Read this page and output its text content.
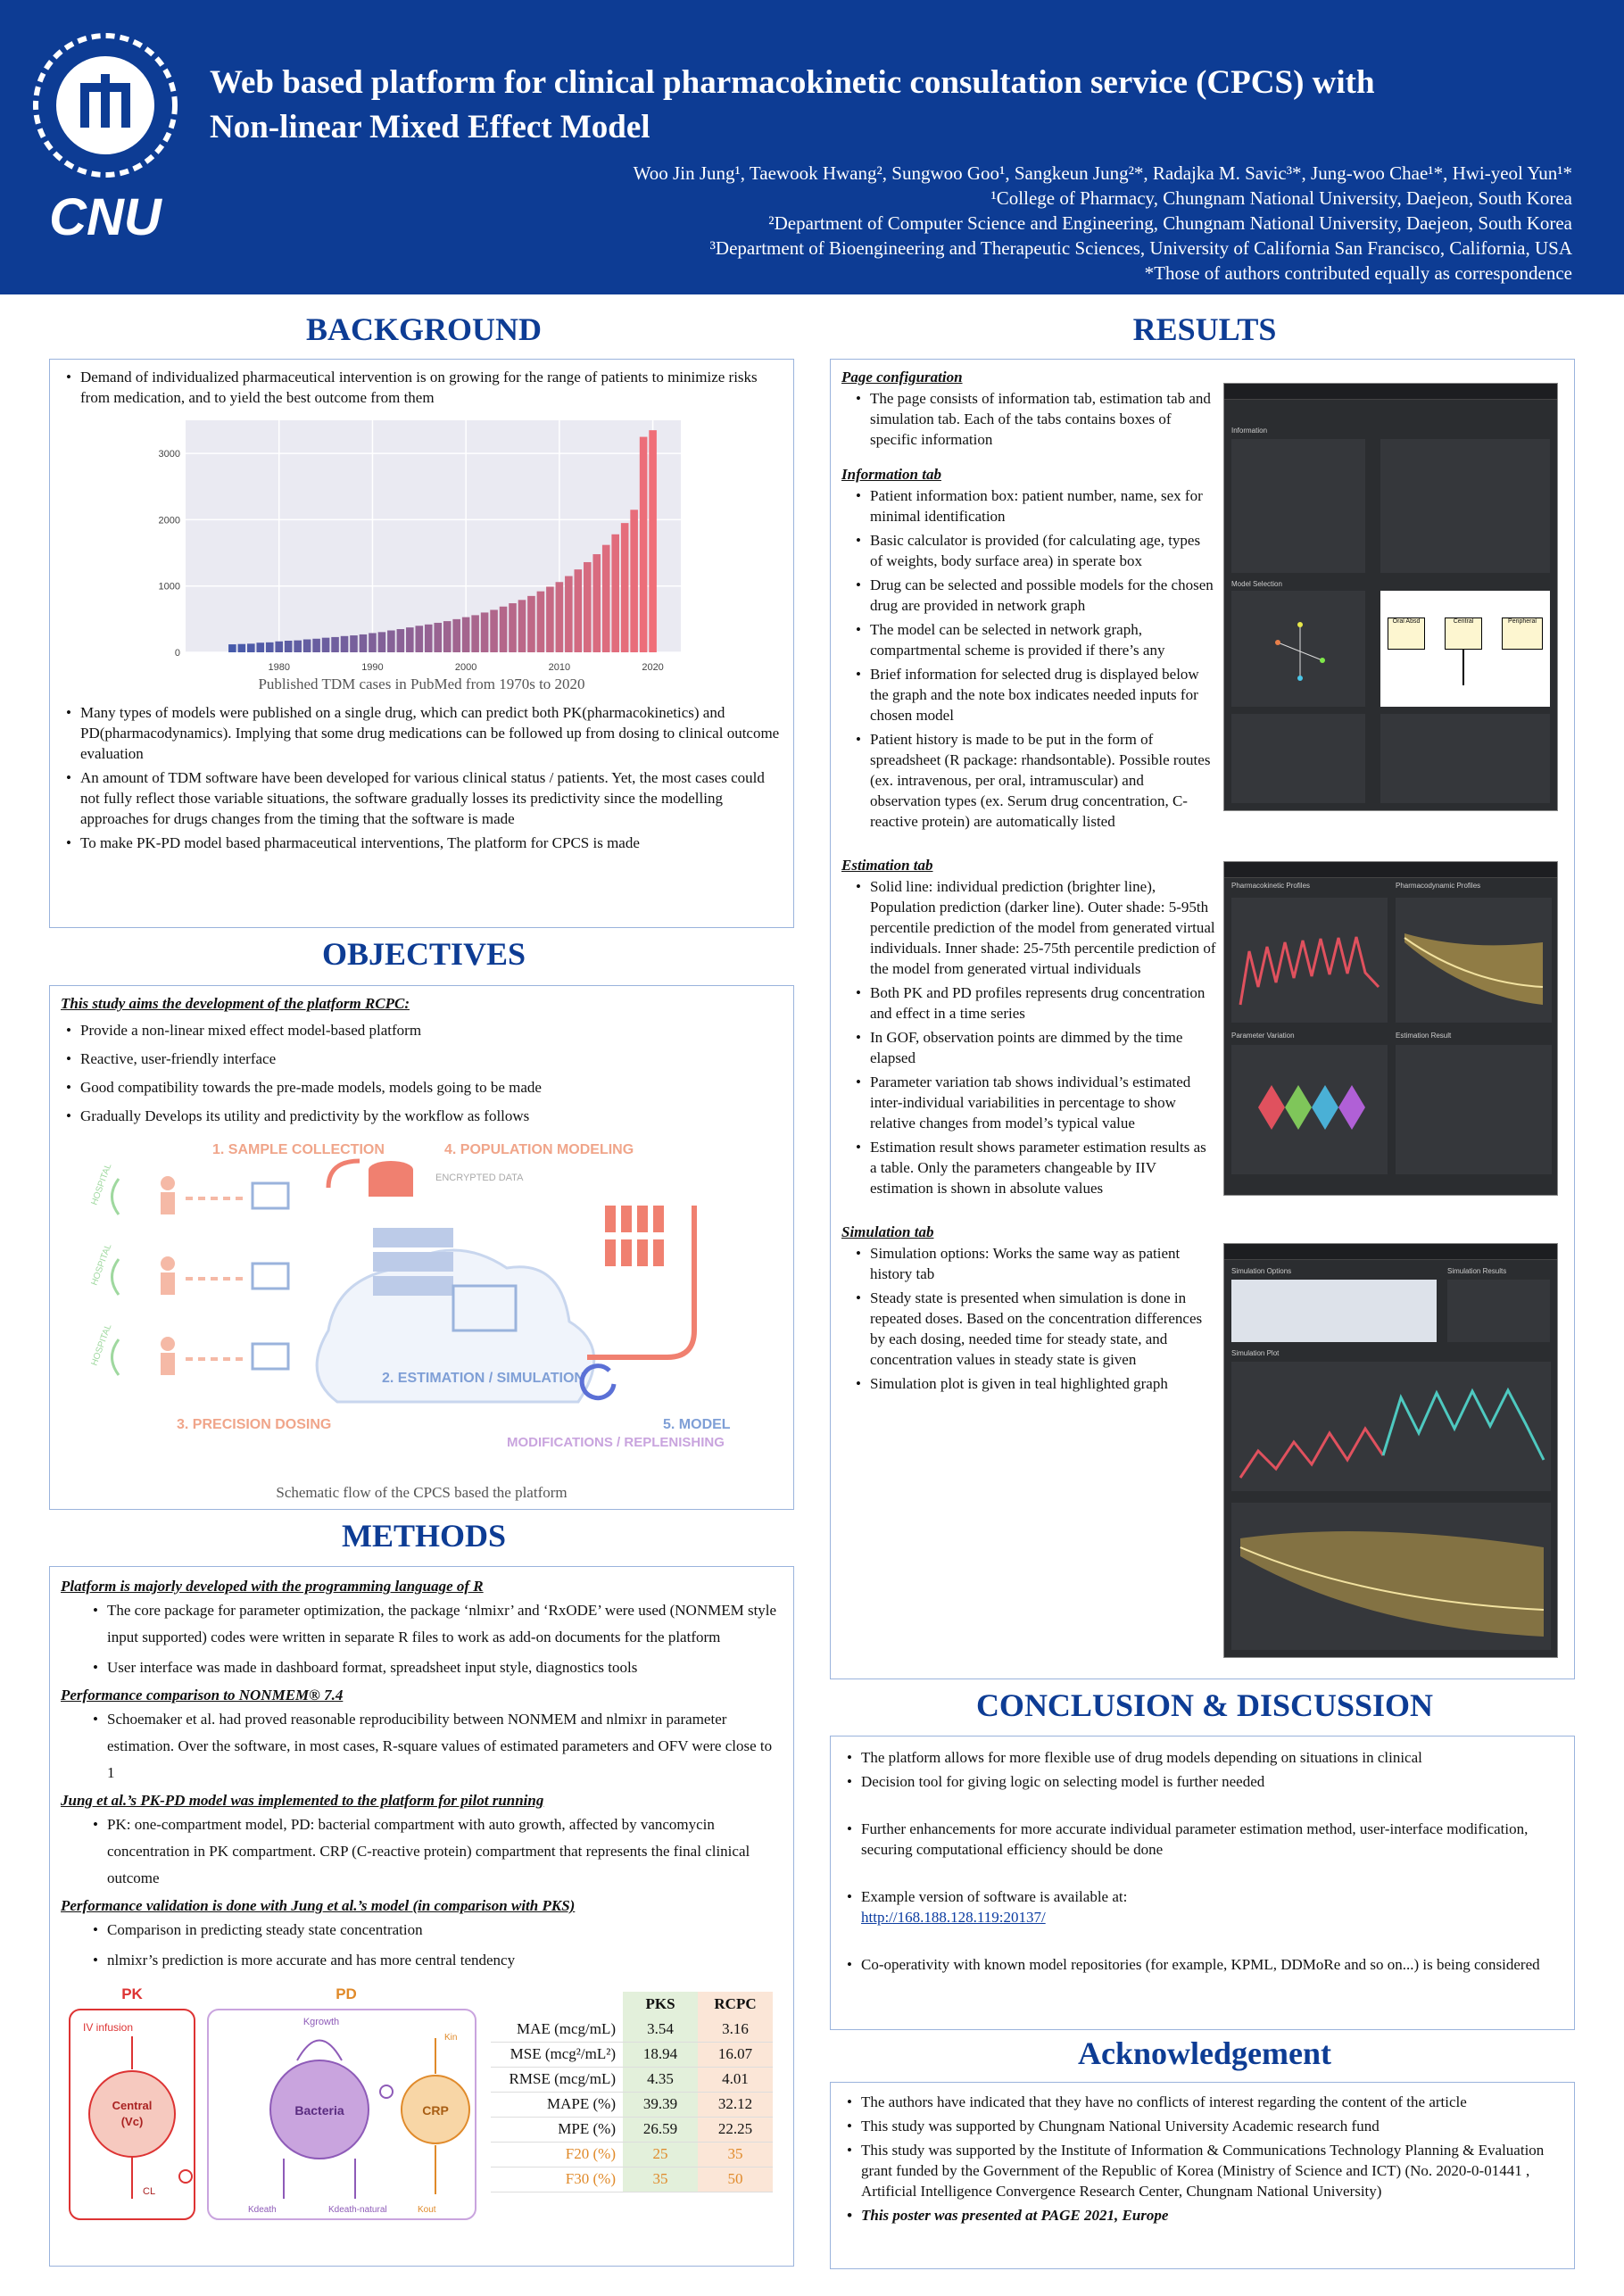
CNU
Web based platform for clinical pharmacokinetic consultation service (CPCS) with
Non-linear Mixed Effect Model
Woo Jin Jung¹, Taewook Hwang², Sungwoo Goo¹, Sangkeun Jung²*, Radajka M. Savic³*, Jung-woo Chae¹*, Hwi-yeol Yun¹*
¹College of Pharmacy, Chungnam National University, Daejeon, South Korea
²Department of Computer Science and Engineering, Chungnam National University, Daejeon, South Korea
³Department of Bioengineering and Therapeutic Sciences, University of California San Francisco, California, USA
*Those of authors contributed equally as correspondence
BACKGROUND
• Demand of individualized pharmaceutical intervention is on growing for the range of patients to minimize risks from medication, and to yield the best outcome from them
0
1000
2000
3000
1980	1990	2000	2010	2020
Published TDM cases in PubMed from 1970s to 2020
• Many types of models were published on a single drug, which can predict both PK(pharmacokinetics) and PD(pharmacodynamics). Implying that some drug medications can be followed up from dosing to clinical outcome evaluation
• An amount of TDM software have been developed for various clinical status / patients. Yet, the most cases could not fully reflect those variable situations, the software gradually losses its predictivity since the modelling approaches for drugs changes from the timing that the software is made
• To make PK-PD model based pharmaceutical interventions, The platform for CPCS is made
OBJECTIVES
This study aims the development of the platform RCPC:
• Provide a non-linear mixed effect model-based platform
• Reactive, user-friendly interface
• Good compatibility towards the pre-made models, models going to be made
• Gradually Develops its utility and predictivity by the workflow as follows
1. SAMPLE COLLECTION	4. POPULATION MODELING
ENCRYPTED DATA
HOSPITAL
HOSPITAL
HOSPITAL
2. ESTIMATION / SIMULATION
3. PRECISION DOSING	5. MODEL
MODIFICATIONS / REPLENISHING
Schematic flow of the CPCS based the platform
METHODS
Platform is majorly developed with the programming language of R
• The core package for parameter optimization, the package ‘nlmixr’ and ‘RxODE’ were used (NONMEM style input supported) codes were written in separate R files to work as add-on documents for the platform
• User interface was made in dashboard format, spreadsheet input style, diagnostics tools
Performance comparison to NONMEM® 7.4
• Schoemaker et al. had proved reasonable reproducibility between NONMEM and nlmixr in parameter estimation. Over the software, in most cases, R-square values of estimated parameters and OFV were close to 1
Jung et al.’s PK-PD model was implemented to the platform for pilot running
• PK: one-compartment model, PD: bacterial compartment with auto growth, affected by vancomycin concentration in PK compartment. CRP (C-reactive protein) compartment that represents the final clinical outcome
Performance validation is done with Jung et al.’s model (in comparison with PKS)
• Comparison in predicting steady state concentration
• nlmixr’s prediction is more accurate and has more central tendency
PK	PD
IV infusion
Central
(Vc)
CL
Bacteria
Kgrowth
Kdeath	Kdeath-natural
CRP
Kin
Kout
	PKS	RCPC
MAE (mcg/mL)	3.54	3.16
MSE (mcg²/mL²)	18.94	16.07
RMSE (mcg/mL)	4.35	4.01
MAPE (%)	39.39	32.12
MPE (%)	26.59	22.25
F20 (%)	25	35
F30 (%)	35	50
RESULTS
Page configuration
• The page consists of information tab, estimation tab and simulation tab. Each of the tabs contains boxes of specific information
Information tab
• Patient information box: patient number, name, sex for minimal identification
• Basic calculator is provided (for calculating age, types of weights, body surface area) in sperate box
• Drug can be selected and possible models for the chosen drug are provided in network graph
• The model can be selected in network graph, compartmental scheme is provided if there’s any
• Brief information for selected drug is displayed below the graph and the note box indicates needed inputs for chosen model
• Patient history is made to be put in the form of spreadsheet (R package: rhandsontable). Possible routes (ex. intravenous, per oral, intramuscular) and observation types (ex. Serum drug concentration, C-reactive protein) are automatically listed
Estimation tab
• Solid line: individual prediction (brighter line), Population prediction (darker line). Outer shade: 5-95th percentile prediction of the model from generated virtual individuals. Inner shade: 25-75th percentile prediction of the model from generated virtual individuals
• Both PK and PD profiles represents drug concentration and effect in a time series
• In GOF, observation points are dimmed by the time elapsed
• Parameter variation tab shows individual’s estimated inter-individual variabilities in percentage to show relative changes from model’s typical value
• Estimation result shows parameter estimation results as a table. Only the parameters changeable by IIV estimation is shown in absolute values
Simulation tab
• Simulation options: Works the same way as patient history tab
• Steady state is presented when simulation is done in repeated doses. Based on the concentration differences by each dosing, needed time for steady state, and concentration values in steady state is given
• Simulation plot is given in teal highlighted graph
Information
Model Selection
Oral Absd	Central	Peripheral
Pharmacokinetic Profiles	Pharmacodynamic Profiles
Parameter Variation	Estimation Result
Simulation Options	Simulation Results
Simulation Plot
CONCLUSION & DISCUSSION
• The platform allows for more flexible use of drug models depending on situations in clinical
• Decision tool for giving logic on selecting model is further needed
• Further enhancements for more accurate individual parameter estimation method, user-interface modification, securing computational efficiency should be done
• Example version of software is available at:
http://168.188.128.119:20137/
• Co-operativity with known model repositories (for example, KPML, DDMoRe and so on...) is being considered
Acknowledgement
• The authors have indicated that they have no conflicts of interest regarding the content of the article
• This study was supported by Chungnam National University Academic research fund
• This study was supported by the Institute of Information & Communications Technology Planning & Evaluation grant funded by the Government of the Republic of Korea (Ministry of Science and ICT) (No. 2020-0-01441 , Artificial Intelligence Convergence Research Center, Chungnam National University)
• This poster was presented at PAGE 2021, Europe
